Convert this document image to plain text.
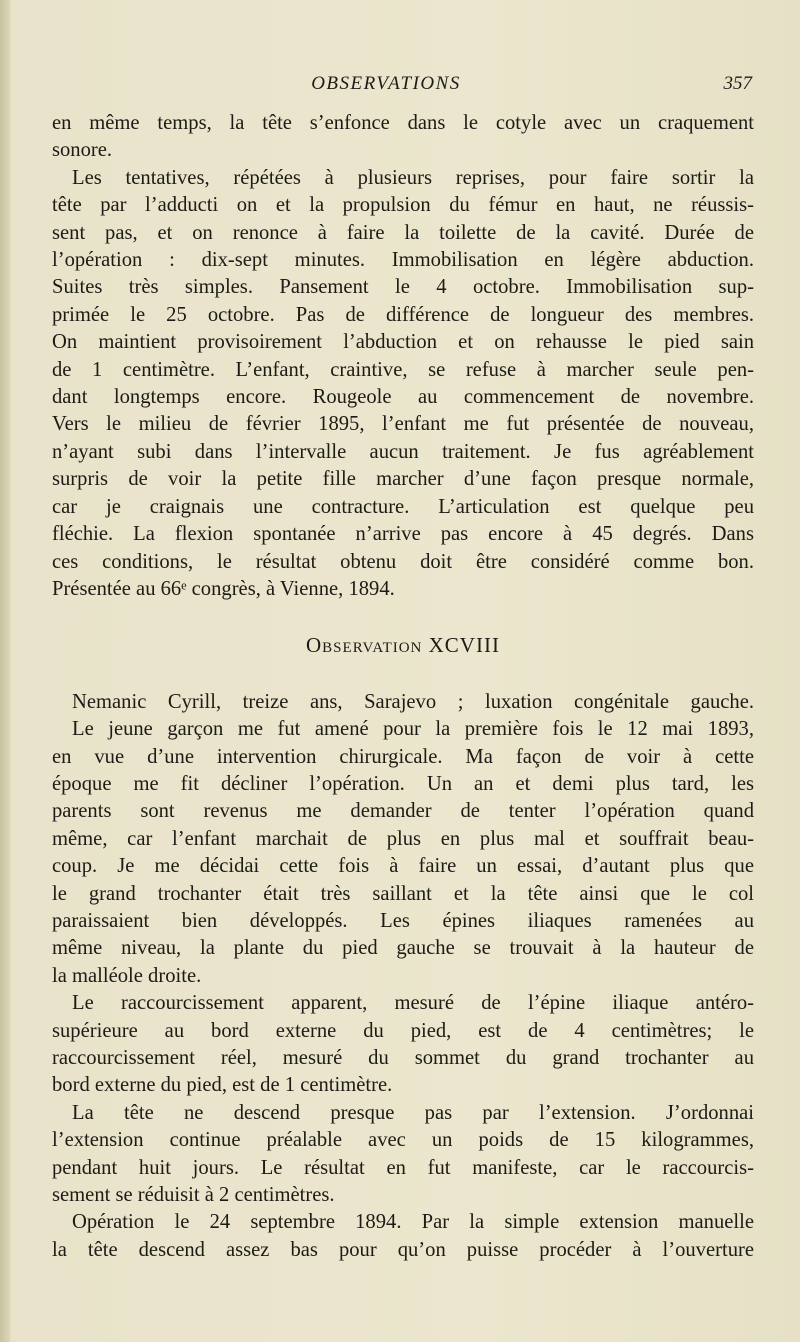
OBSERVATIONS	357
en même temps, la tête s’enfonce dans le cotyle avec un craquement
sonore.
Les tentatives, répétées à plusieurs reprises, pour faire sortir la
tête par l’adducti on et la propulsion du fémur en haut, ne réussis-
sent pas, et on renonce à faire la toilette de la cavité. Durée de
l’opération : dix-sept minutes. Immobilisation en légère abduction.
Suites très simples. Pansement le 4 octobre. Immobilisation sup-
primée le 25 octobre. Pas de différence de longueur des membres.
On maintient provisoirement l’abduction et on rehausse le pied sain
de 1 centimètre. L’enfant, craintive, se refuse à marcher seule pen-
dant longtemps encore. Rougeole au commencement de novembre.
Vers le milieu de février 1895, l’enfant me fut présentée de nouveau,
n’ayant subi dans l’intervalle aucun traitement. Je fus agréablement
surpris de voir la petite fille marcher d’une façon presque normale,
car je craignais une contracture. L’articulation est quelque peu
fléchie. La flexion spontanée n’arrive pas encore à 45 degrés. Dans
ces conditions, le résultat obtenu doit être considéré comme bon.
Présentée au 66ᵉ congrès, à Vienne, 1894.
Observation XCVIII
Nemanic Cyrill, treize ans, Sarajevo ; luxation congénitale gauche.
Le jeune garçon me fut amené pour la première fois le 12 mai 1893,
en vue d’une intervention chirurgicale. Ma façon de voir à cette
époque me fit décliner l’opération. Un an et demi plus tard, les
parents sont revenus me demander de tenter l’opération quand
même, car l’enfant marchait de plus en plus mal et souffrait beau-
coup. Je me décidai cette fois à faire un essai, d’autant plus que
le grand trochanter était très saillant et la tête ainsi que le col
paraissaient bien développés. Les épines iliaques ramenées au
même niveau, la plante du pied gauche se trouvait à la hauteur de
la malléole droite.
Le raccourcissement apparent, mesuré de l’épine iliaque antéro-
supérieure au bord externe du pied, est de 4 centimètres; le
raccourcissement réel, mesuré du sommet du grand trochanter au
bord externe du pied, est de 1 centimètre.
La tête ne descend presque pas par l’extension. J’ordonnai
l’extension continue préalable avec un poids de 15 kilogrammes,
pendant huit jours. Le résultat en fut manifeste, car le raccourcis-
sement se réduisit à 2 centimètres.
Opération le 24 septembre 1894. Par la simple extension manuelle
la tête descend assez bas pour qu’on puisse procéder à l’ouverture
